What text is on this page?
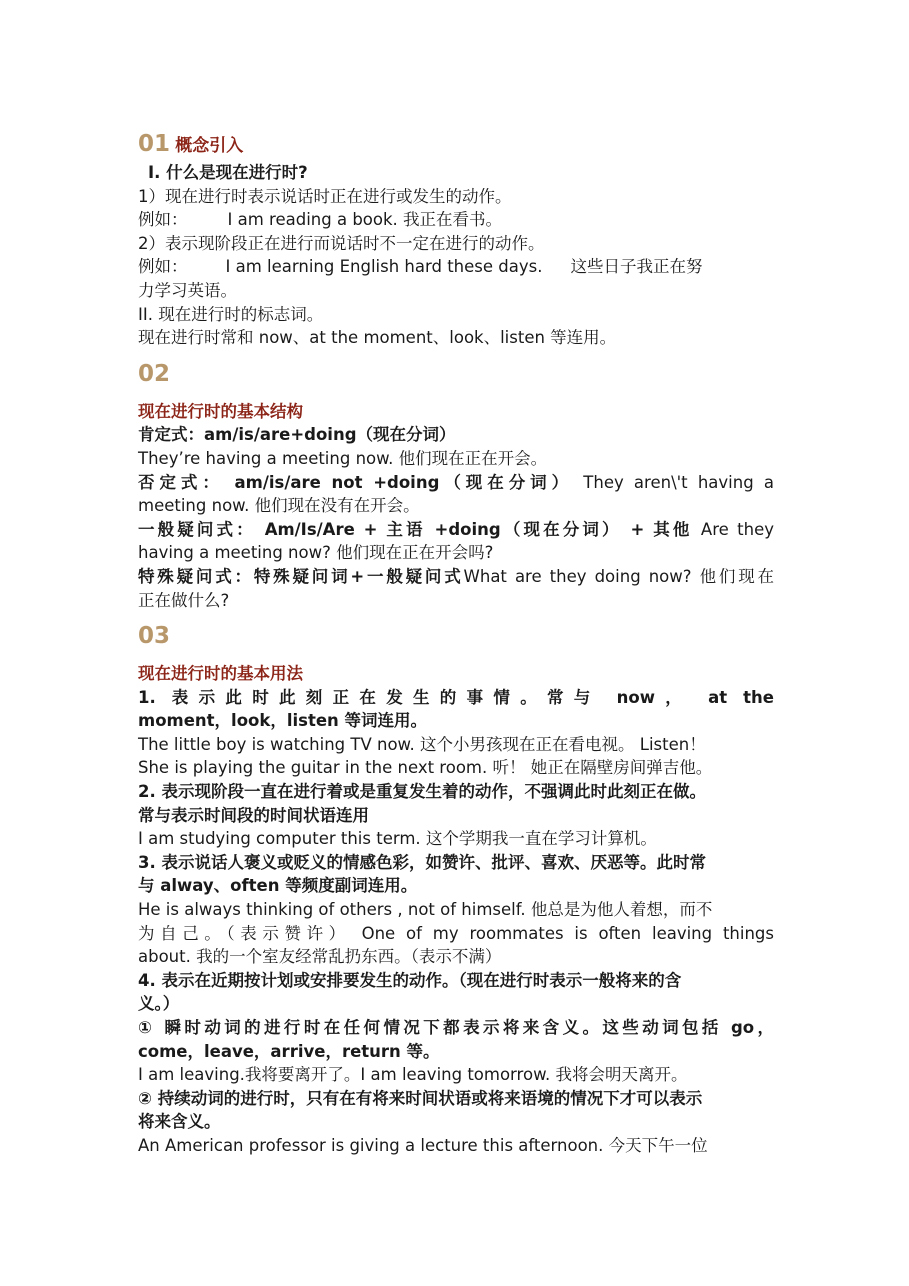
01 概念引入
I. 什么是现在进行时?
1）现在进行时表示说话时正在进行或发生的动作。
例如： I am reading a book. 我正在看书。
2）表示现阶段正在进行而说话时不一定在进行的动作。
例如： I am learning English hard these days. 这些日子我正在努
力学习英语。
II. 现在进行时的标志词。
现在进行时常和 now、at the moment、look、listen 等连用。
02
现在进行时的基本结构
肯定式：am/is/are+doing（现在分词）
They’re having a meeting now. 他们现在正在开会。
否定式： am/is/are not +doing（现在分词） They aren\'t having a
meeting now. 他们现在没有在开会。
一般疑问式： Am/Is/Are + 主语 +doing（现在分词） + 其他 Are they
having a meeting now? 他们现在正在开会吗?
特殊疑问式：特殊疑问词+一般疑问式What are they doing now? 他们现在
正在做什么?
03
现在进行时的基本用法
1. 表示此时此刻正在发生的事情。常与 now， at the
moment，look，listen 等词连用。
The little boy is watching TV now. 这个小男孩现在正在看电视。 Listen！
She is playing the guitar in the next room. 听！ 她正在隔壁房间弹吉他。
2. 表示现阶段一直在进行着或是重复发生着的动作，不强调此时此刻正在做。
常与表示时间段的时间状语连用
I am studying computer this term. 这个学期我一直在学习计算机。
3. 表示说话人褒义或贬义的情感色彩，如赞许、批评、喜欢、厌恶等。此时常
与 alway、often 等频度副词连用。
He is always thinking of others , not of himself. 他总是为他人着想，而不
为自己。（表示赞许） One of my roommates is often leaving things
about. 我的一个室友经常乱扔东西。（表示不满）
4. 表示在近期按计划或安排要发生的动作。（现在进行时表示一般将来的含
义。）
① 瞬时动词的进行时在任何情况下都表示将来含义。这些动词包括 go，
come，leave，arrive，return 等。
I am leaving.我将要离开了。I am leaving tomorrow. 我将会明天离开。
② 持续动词的进行时，只有在有将来时间状语或将来语境的情况下才可以表示
将来含义。
An American professor is giving a lecture this afternoon. 今天下午一位
